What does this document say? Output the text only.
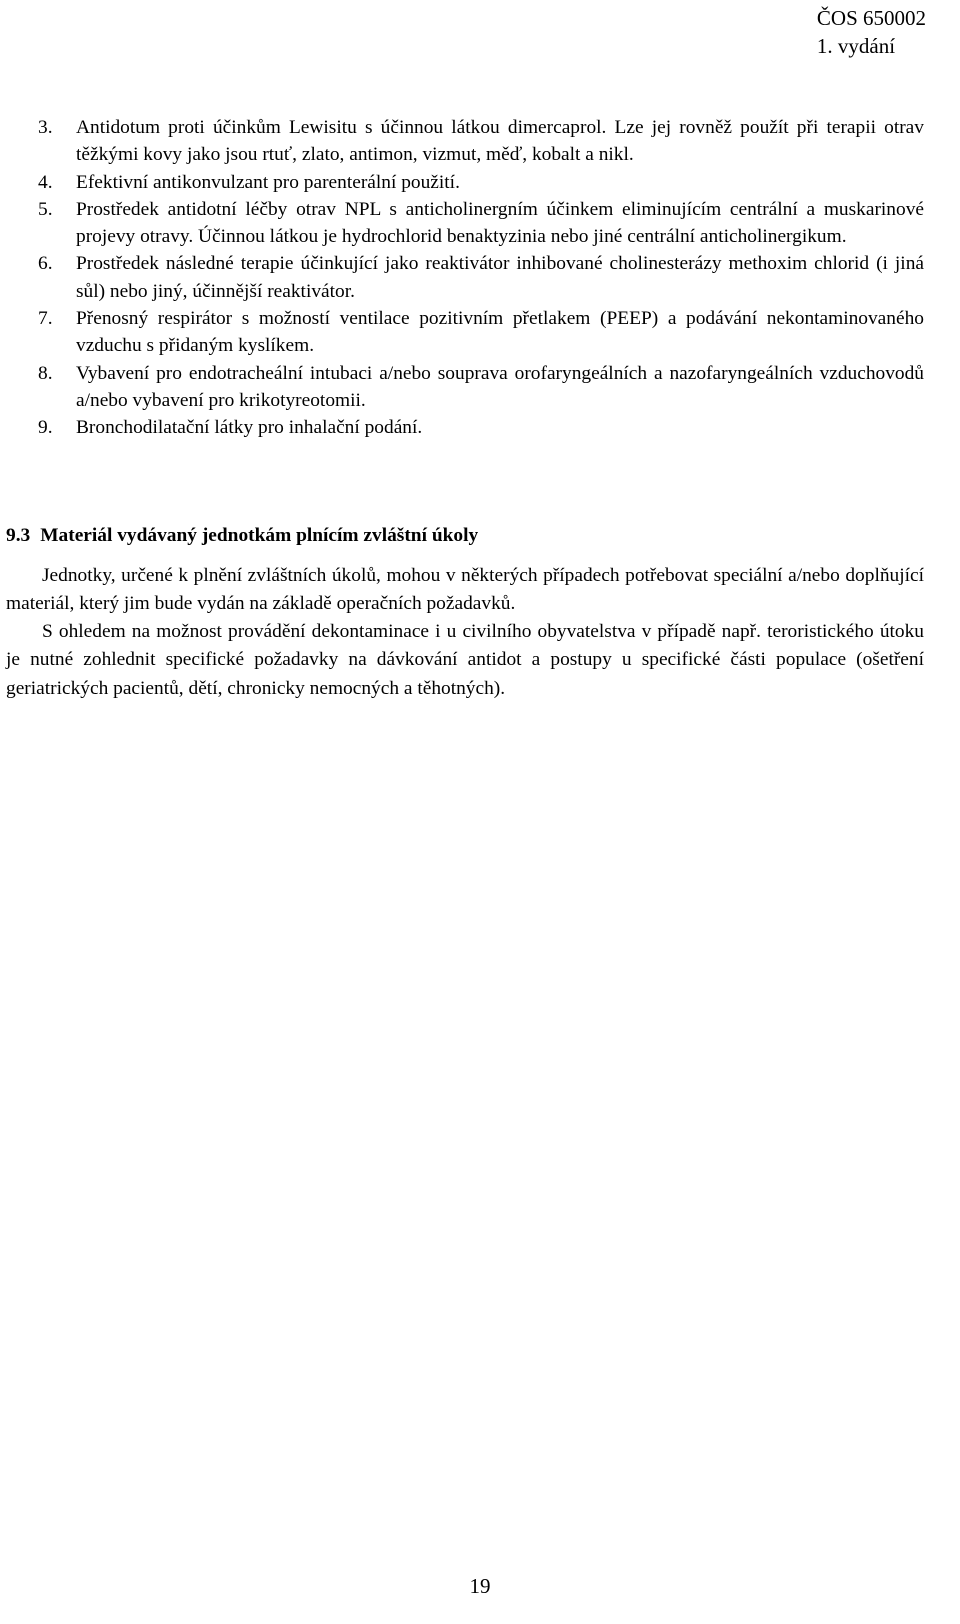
ČOS 650002
1. vydání
3.	Antidotum proti účinkům Lewisitu s účinnou látkou dimercaprol. Lze jej rovněž použít při terapii otrav těžkými kovy jako jsou rtuť, zlato, antimon, vizmut, měď, kobalt a nikl.
4.	Efektivní antikonvulzant pro parenterální použití.
5.	Prostředek antidotní léčby otrav NPL s anticholinergním účinkem eliminujícím centrální a muskarinové projevy otravy. Účinnou látkou je hydrochlorid benaktyzinia nebo jiné centrální anticholinergikum.
6.	Prostředek následné terapie účinkující jako reaktivátor inhibované cholinesterázy methoxim chlorid (i jiná sůl) nebo jiný, účinnější reaktivátor.
7.	Přenosný respirátor s možností ventilace pozitivním přetlakem (PEEP) a podávání nekontaminovaného vzduchu s přidaným kyslíkem.
8.	Vybavení pro endotracheální intubaci a/nebo souprava orofaryngeálních a nazofaryngeálních vzduchovodů a/nebo vybavení pro krikotyreotomii.
9.	Bronchodilatační látky pro inhalační podání.
9.3 Materiál vydávaný jednotkám plnícím zvláštní úkoly

Jednotky, určené k plnění zvláštních úkolů, mohou v některých případech potřebovat speciální a/nebo doplňující materiál, který jim bude vydán na základě operačních požadavků.

S ohledem na možnost provádění dekontaminace i u civilního obyvatelstva v případě např. teroristického útoku je nutné zohlednit specifické požadavky na dávkování antidot a postupy u specifické části populace (ošetření geriatrických pacientů, dětí, chronicky nemocných a těhotných).

19
